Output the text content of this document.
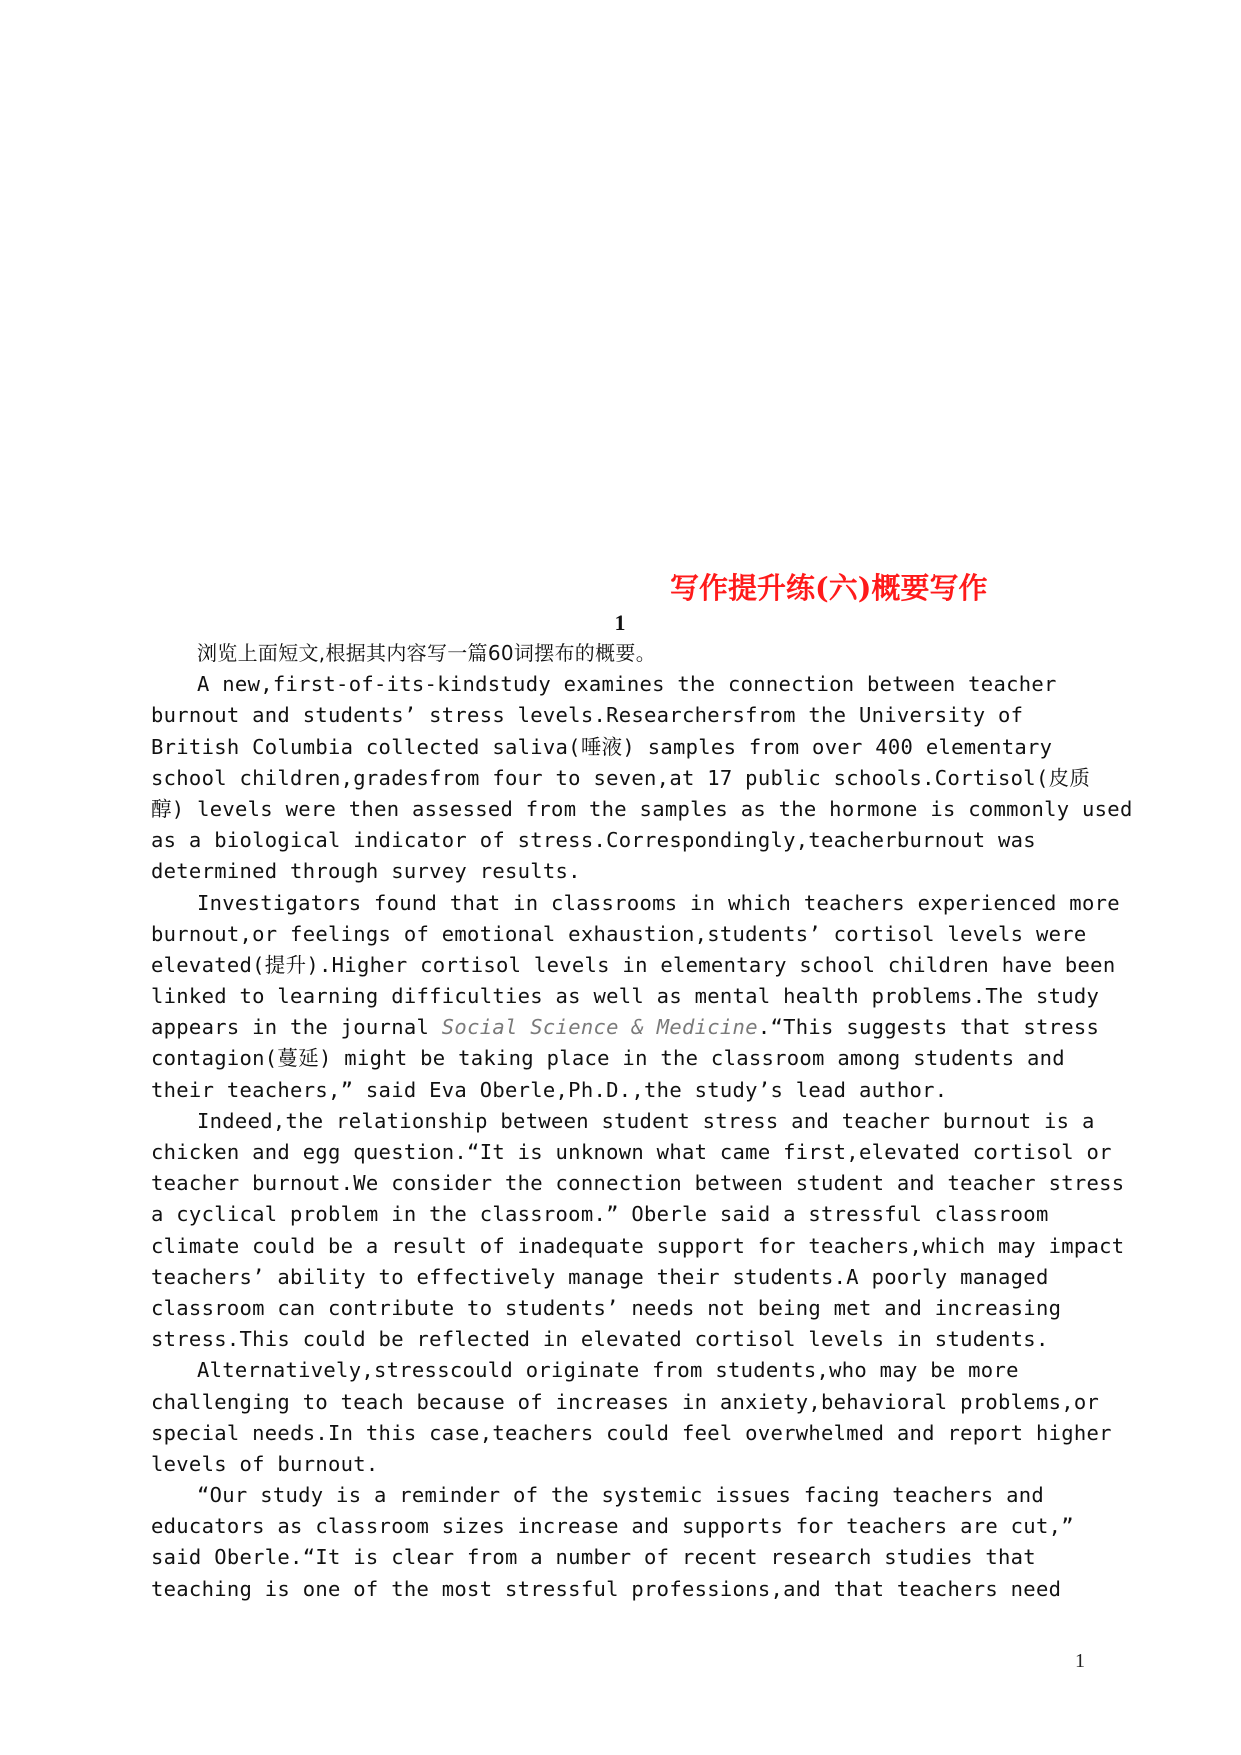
写作提升练(六)概要写作
1
浏览上面短文,根据其内容写一篇60词摆布的概要。
A new,first-of-its-kindstudy examines the connection between teacher
burnout and students’ stress levels.Researchersfrom the University of
British Columbia collected saliva(唾液) samples from over 400 elementary
school children,gradesfrom four to seven,at 17 public schools.Cortisol(皮质
醇) levels were then assessed from the samples as the hormone is commonly used
as a biological indicator of stress.Correspondingly,teacherburnout was
determined through survey results.
Investigators found that in classrooms in which teachers experienced more
burnout,or feelings of emotional exhaustion,students’ cortisol levels were
elevated(提升).Higher cortisol levels in elementary school children have been
linked to learning difficulties as well as mental health problems.The study
appears in the journal Social Science & Medicine.“This suggests that stress
contagion(蔓延) might be taking place in the classroom among students and
their teachers,” said Eva Oberle,Ph.D.,the study’s lead author.
Indeed,the relationship between student stress and teacher burnout is a
chicken and egg question.“It is unknown what came first,elevated cortisol or
teacher burnout.We consider the connection between student and teacher stress
a cyclical problem in the classroom.” Oberle said a stressful classroom
climate could be a result of inadequate support for teachers,which may impact
teachers’ ability to effectively manage their students.A poorly managed
classroom can contribute to students’ needs not being met and increasing
stress.This could be reflected in elevated cortisol levels in students.
Alternatively,stresscould originate from students,who may be more
challenging to teach because of increases in anxiety,behavioral problems,or
special needs.In this case,teachers could feel overwhelmed and report higher
levels of burnout.
“Our study is a reminder of the systemic issues facing teachers and
educators as classroom sizes increase and supports for teachers are cut,”
said Oberle.“It is clear from a number of recent research studies that
teaching is one of the most stressful professions,and that teachers need
1
